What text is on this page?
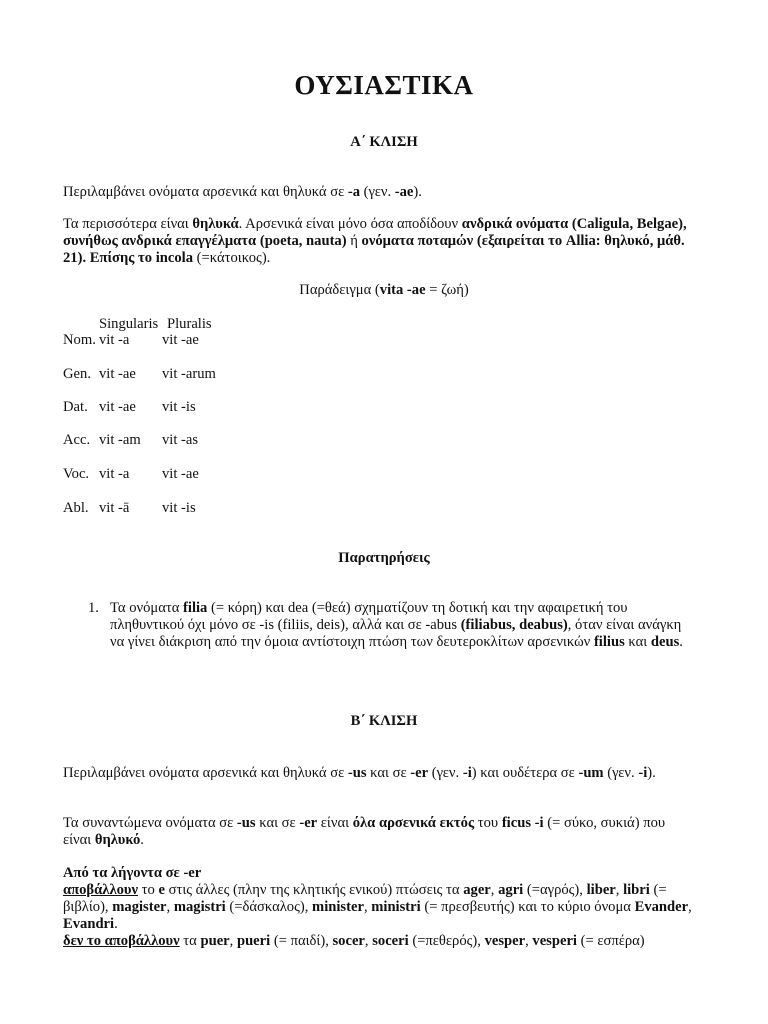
ΟΥΣΙΑΣΤΙΚΑ
Α΄ ΚΛΙΣΗ
Περιλαμβάνει ονόματα αρσενικά και θηλυκά σε -a (γεν. -ae).
Τα περισσότερα είναι θηλυκά. Αρσενικά είναι μόνο όσα αποδίδουν ανδρικά ονόματα (Caligula, Belgae), συνήθως ανδρικά επαγγέλματα (poeta, nauta) ή ονόματα ποταμών (εξαιρείται το Allia: θηλυκό, μάθ. 21). Επίσης το incola (=κάτοικος).
Παράδειγμα (vita -ae = ζωή)
Singularis Pluralis
Nom. vit -a vit -ae
Gen. vit -ae vit -arum
Dat. vit -ae vit -is
Acc. vit -am vit -as
Voc. vit -a vit -ae
Abl. vit -ā vit -is
Παρατηρήσεις
1. Τα ονόματα filia (= κόρη) και dea (=θεά) σχηματίζουν τη δοτική και την αφαιρετική του πληθυντικού όχι μόνο σε -is (filiis, deis), αλλά και σε -abus (filiabus, deabus), όταν είναι ανάγκη να γίνει διάκριση από την όμοια αντίστοιχη πτώση των δευτεροκλίτων αρσενικών filius και deus.
Β΄ ΚΛΙΣΗ
Περιλαμβάνει ονόματα αρσενικά και θηλυκά σε -us και σε -er (γεν. -i) και ουδέτερα σε -um (γεν. -i).
Τα συναντώμενα ονόματα σε -us και σε -er είναι όλα αρσενικά εκτός του ficus -i (= σύκο, συκιά) που είναι θηλυκό.
Από τα λήγοντα σε -er
αποβάλλουν το e στις άλλες (πλην της κλητικής ενικού) πτώσεις τα ager, agri (=αγρός), liber, libri (= βιβλίο), magister, magistri (=δάσκαλος), minister, ministri (= πρεσβευτής) και το κύριο όνομα Evander, Evandri.
δεν το αποβάλλουν τα puer, pueri (= παιδί), socer, soceri (=πεθερός), vesper, vesperi (= εσπέρα)
